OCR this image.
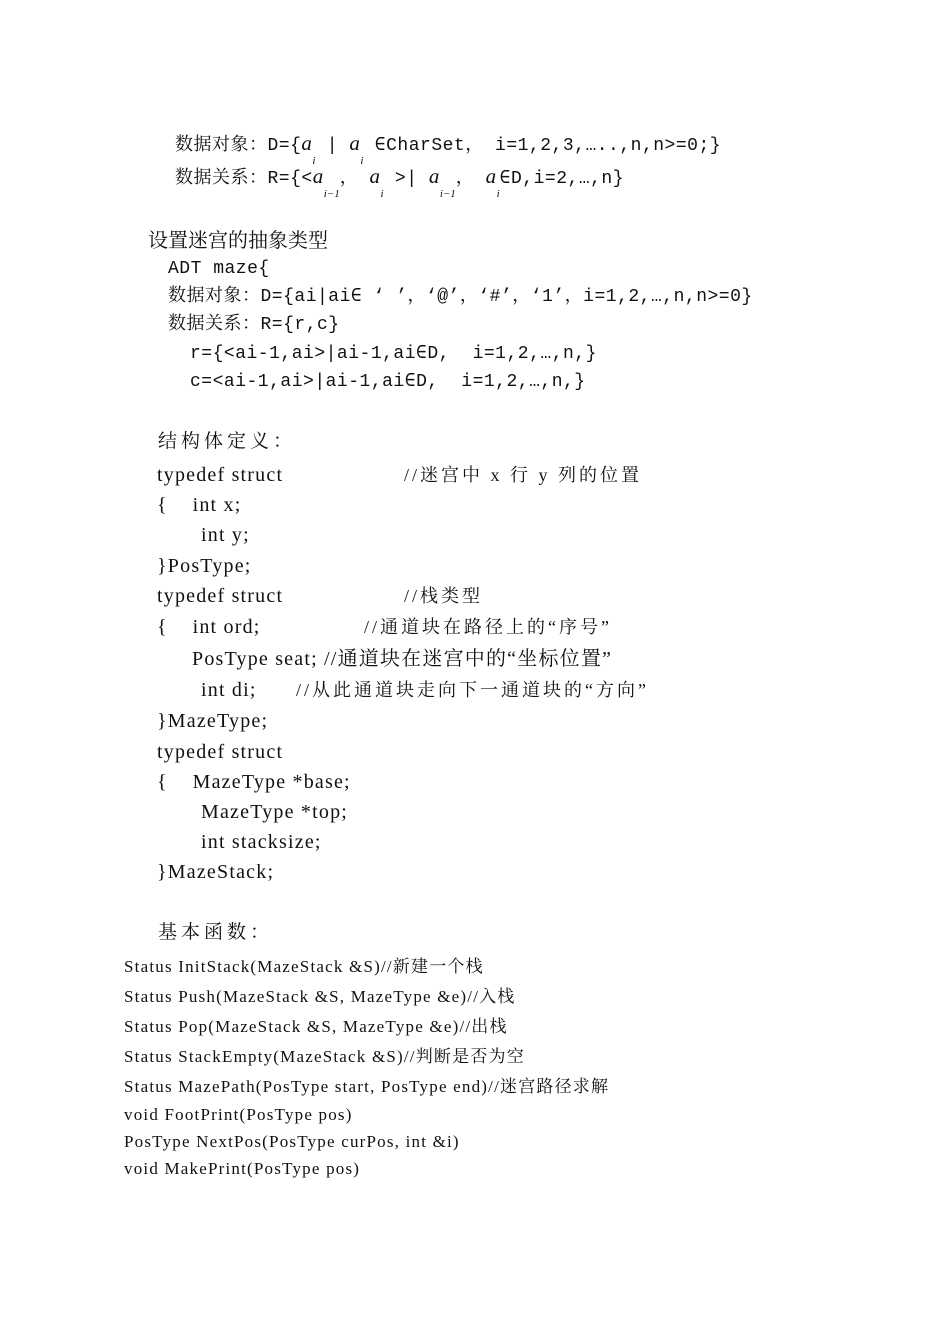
数据对象：$D=\{a_i$ | $a_i$ ∈CharSet， i=1,2,3,…..,n,n>=0;}
数据关系：$R=\{<a_{i-1}$， $a_i$ >| $a_{i-1}$， $a_i\in D,i=2,\dots,n$}
设置迷宫的抽象类型
ADT maze{
数据对象：D={ai|ai∈ ‘ ’，‘@’，‘#’，‘1’，i=1,2,…,n,n>=0}
数据关系：R={r,c}
r={<ai-1,ai>|ai-1,ai∈D,  i=1,2,…,n,}
c=<ai-1,ai>|ai-1,ai∈D,  i=1,2,…,n,}
结构体定义：
typedef struct	//迷宫中 x 行 y 列的位置
{    int x;
int y;
}PosType;
typedef struct	//栈类型
{    int ord;	//通道块在路径上的“序号”
PosType seat; //通道块在迷宫中的“坐标位置”
int di; //从此通道块走向下一通道块的“方向”
}MazeType;
typedef struct
{    MazeType *base;
MazeType *top;
int stacksize;
}MazeStack;
基本函数：
Status InitStack(MazeStack &S)//新建一个栈
Status Push(MazeStack &S, MazeType &e)//入栈
Status Pop(MazeStack &S, MazeType &e)//出栈
Status StackEmpty(MazeStack &S)//判断是否为空
Status MazePath(PosType start, PosType end)//迷宫路径求解
void FootPrint(PosType pos)
PosType NextPos(PosType curPos, int &i)
void MakePrint(PosType pos)
